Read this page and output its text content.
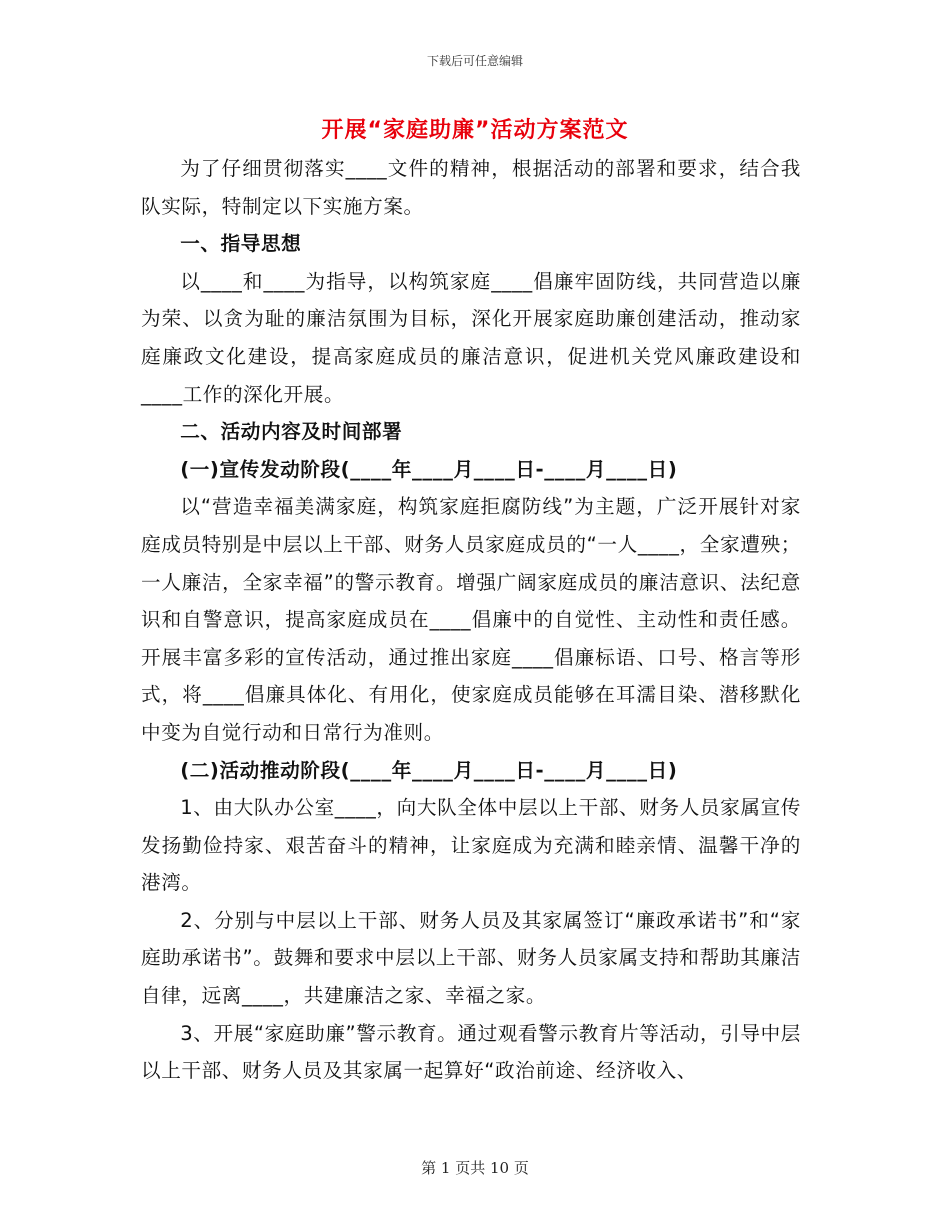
下载后可任意编辑
开展“家庭助廉”活动方案范文

为了仔细贯彻落实____文件的精神，根据活动的部署和要求，结合我队实际，特制定以下实施方案。

一、指导思想

以____和____为指导，以构筑家庭____倡廉牢固防线，共同营造以廉为荣、以贪为耻的廉洁氛围为目标，深化开展家庭助廉创建活动，推动家庭廉政文化建设，提高家庭成员的廉洁意识，促进机关党风廉政建设和____工作的深化开展。

二、活动内容及时间部署

(一)宣传发动阶段(____年____月____日-____月____日)

以“营造幸福美满家庭，构筑家庭拒腐防线”为主题，广泛开展针对家庭成员特别是中层以上干部、财务人员家庭成员的“一人____，全家遭殃；一人廉洁，全家幸福”的警示教育。增强广阔家庭成员的廉洁意识、法纪意识和自警意识，提高家庭成员在____倡廉中的自觉性、主动性和责任感。开展丰富多彩的宣传活动，通过推出家庭____倡廉标语、口号、格言等形式，将____倡廉具体化、有用化，使家庭成员能够在耳濡目染、潜移默化中变为自觉行动和日常行为准则。

(二)活动推动阶段(____年____月____日-____月____日)

1、由大队办公室____，向大队全体中层以上干部、财务人员家属宣传发扬勤俭持家、艰苦奋斗的精神，让家庭成为充满和睦亲情、温馨干净的港湾。

2、分别与中层以上干部、财务人员及其家属签订“廉政承诺书”和“家庭助承诺书”。鼓舞和要求中层以上干部、财务人员家属支持和帮助其廉洁自律，远离____，共建廉洁之家、幸福之家。

3、开展“家庭助廉”警示教育。通过观看警示教育片等活动，引导中层以上干部、财务人员及其家属一起算好“政治前途、经济收入、

第 1 页共 10 页
